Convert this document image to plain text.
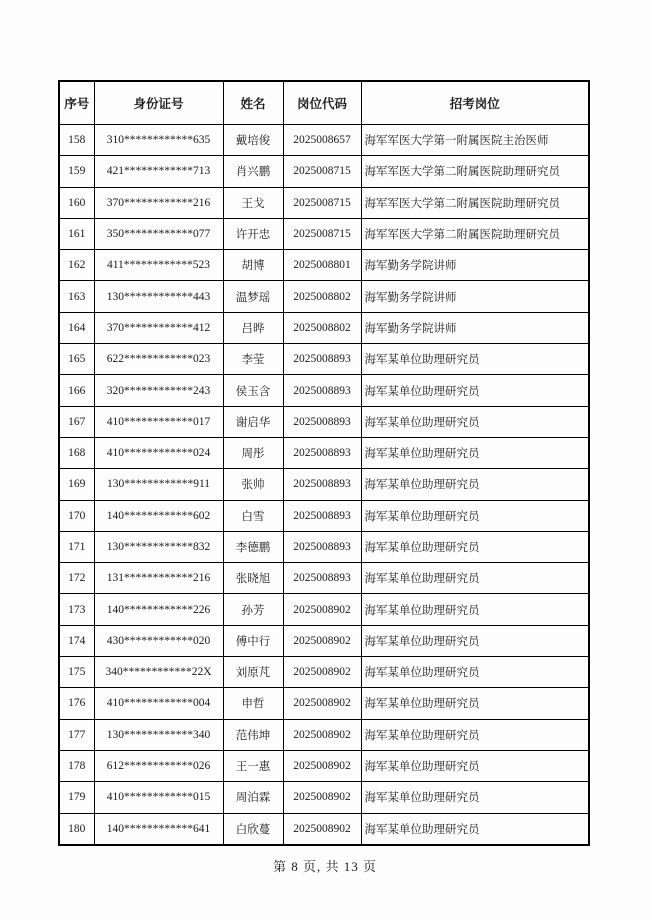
序号	身份证号	姓名	岗位代码	招考岗位
158	310************635	戴培俊	2025008657	海军军医大学第一附属医院主治医师
159	421************713	肖兴鹏	2025008715	海军军医大学第二附属医院助理研究员
160	370************216	王戈	2025008715	海军军医大学第二附属医院助理研究员
161	350************077	许开忠	2025008715	海军军医大学第二附属医院助理研究员
162	411************523	胡博	2025008801	海军勤务学院讲师
163	130************443	温梦瑶	2025008802	海军勤务学院讲师
164	370************412	吕晔	2025008802	海军勤务学院讲师
165	622************023	李莹	2025008893	海军某单位助理研究员
166	320************243	侯玉含	2025008893	海军某单位助理研究员
167	410************017	谢启华	2025008893	海军某单位助理研究员
168	410************024	周彤	2025008893	海军某单位助理研究员
169	130************911	张帅	2025008893	海军某单位助理研究员
170	140************602	白雪	2025008893	海军某单位助理研究员
171	130************832	李德鹏	2025008893	海军某单位助理研究员
172	131************216	张晓旭	2025008893	海军某单位助理研究员
173	140************226	孙芳	2025008902	海军某单位助理研究员
174	430************020	傅中行	2025008902	海军某单位助理研究员
175	340************22X	刘原芃	2025008902	海军某单位助理研究员
176	410************004	申哲	2025008902	海军某单位助理研究员
177	130************340	范伟坤	2025008902	海军某单位助理研究员
178	612************026	王一惠	2025008902	海军某单位助理研究员
179	410************015	周泊霖	2025008902	海军某单位助理研究员
180	140************641	白欣蔓	2025008902	海军某单位助理研究员
第 8 页, 共 13 页
